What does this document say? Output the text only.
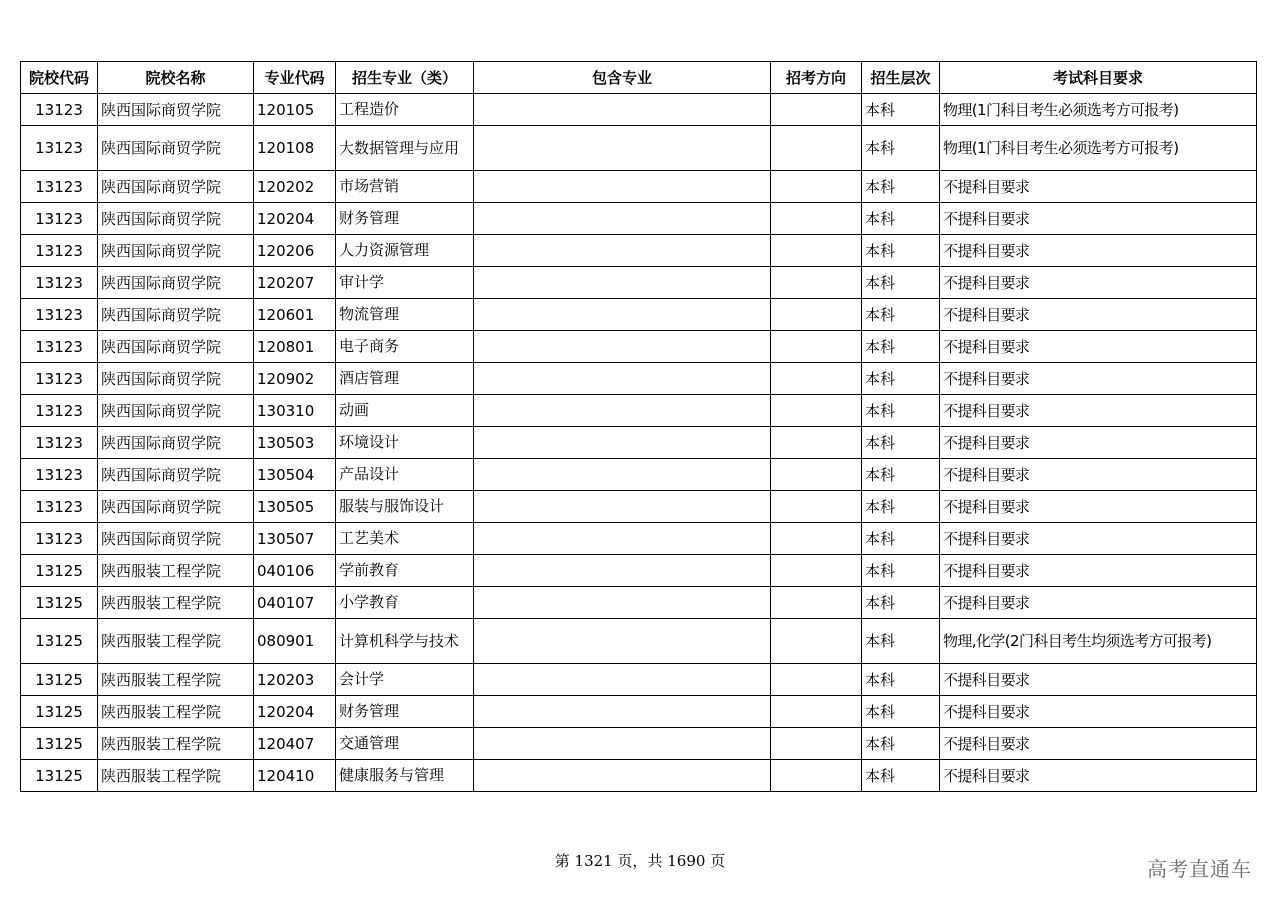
院校代码	院校名称	专业代码	招生专业（类）	包含专业	招考方向	招生层次	考试科目要求
13123	陕西国际商贸学院	120105	工程造价			本科	物理(1门科目考生必须选考方可报考)
13123	陕西国际商贸学院	120108	大数据管理与应用			本科	物理(1门科目考生必须选考方可报考)
13123	陕西国际商贸学院	120202	市场营销			本科	不提科目要求
13123	陕西国际商贸学院	120204	财务管理			本科	不提科目要求
13123	陕西国际商贸学院	120206	人力资源管理			本科	不提科目要求
13123	陕西国际商贸学院	120207	审计学			本科	不提科目要求
13123	陕西国际商贸学院	120601	物流管理			本科	不提科目要求
13123	陕西国际商贸学院	120801	电子商务			本科	不提科目要求
13123	陕西国际商贸学院	120902	酒店管理			本科	不提科目要求
13123	陕西国际商贸学院	130310	动画			本科	不提科目要求
13123	陕西国际商贸学院	130503	环境设计			本科	不提科目要求
13123	陕西国际商贸学院	130504	产品设计			本科	不提科目要求
13123	陕西国际商贸学院	130505	服装与服饰设计			本科	不提科目要求
13123	陕西国际商贸学院	130507	工艺美术			本科	不提科目要求
13125	陕西服装工程学院	040106	学前教育			本科	不提科目要求
13125	陕西服装工程学院	040107	小学教育			本科	不提科目要求
13125	陕西服装工程学院	080901	计算机科学与技术			本科	物理,化学(2门科目考生均须选考方可报考)
13125	陕西服装工程学院	120203	会计学			本科	不提科目要求
13125	陕西服装工程学院	120204	财务管理			本科	不提科目要求
13125	陕西服装工程学院	120407	交通管理			本科	不提科目要求
13125	陕西服装工程学院	120410	健康服务与管理			本科	不提科目要求
第 1321 页，共 1690 页	高考直通车
